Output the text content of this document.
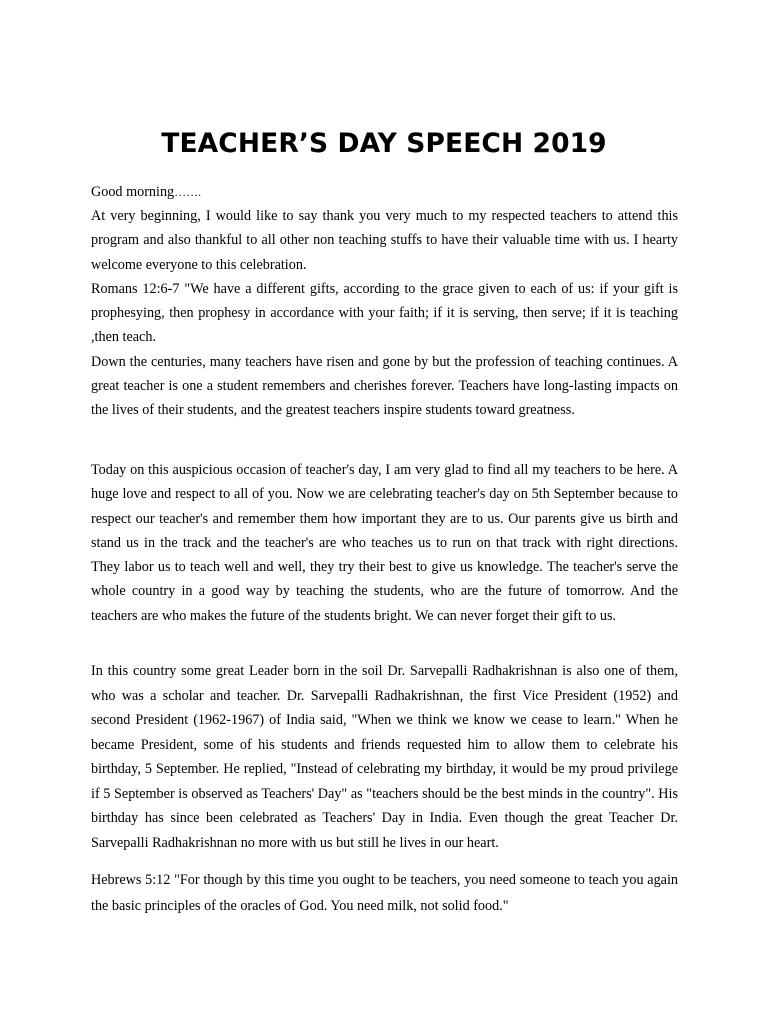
TEACHER’S DAY SPEECH 2019

Good morning…….

At very beginning, I would like to say thank you very much to my respected teachers to attend this program and also thankful to all other non teaching stuffs to have their valuable time with us. I hearty welcome everyone to this celebration.
Romans 12:6-7 "We have a different gifts, according to the grace given to each of us: if your gift is prophesying, then prophesy in accordance with your faith; if it is serving, then serve; if it is teaching ,then teach.
Down the centuries, many teachers have risen and gone by but the profession of teaching continues. A great teacher is one a student remembers and cherishes forever. Teachers have long-lasting impacts on the lives of their students, and the greatest teachers inspire students toward greatness.

Today on this auspicious occasion of teacher's day, I am very glad to find all my teachers to be here. A huge love and respect to all of you. Now we are celebrating teacher's day on 5th September because to respect our teacher's and remember them how important they are to us. Our parents give us birth and stand us in the track and the teacher's are who teaches us to run on that track with right directions. They labor us to teach well and well, they try their best to give us knowledge. The teacher's serve the whole country in a good way by teaching the students, who are the future of tomorrow. And the teachers are who makes the future of the students bright. We can never forget their gift to us.

In this country some great Leader born in the soil Dr. Sarvepalli Radhakrishnan is also one of them, who was a scholar and teacher. Dr. Sarvepalli Radhakrishnan, the first Vice President (1952) and second President (1962-1967) of India said, "When we think we know we cease to learn." When he became President, some of his students and friends requested him to allow them to celebrate his birthday, 5 September. He replied, "Instead of celebrating my birthday, it would be my proud privilege if 5 September is observed as Teachers' Day" as "teachers should be the best minds in the country". His birthday has since been celebrated as Teachers' Day in India. Even though the great Teacher Dr. Sarvepalli Radhakrishnan no more with us but still he lives in our heart.

Hebrews 5:12 "For though by this time you ought to be teachers, you need someone to teach you again the basic principles of the oracles of God. You need milk, not solid food."
